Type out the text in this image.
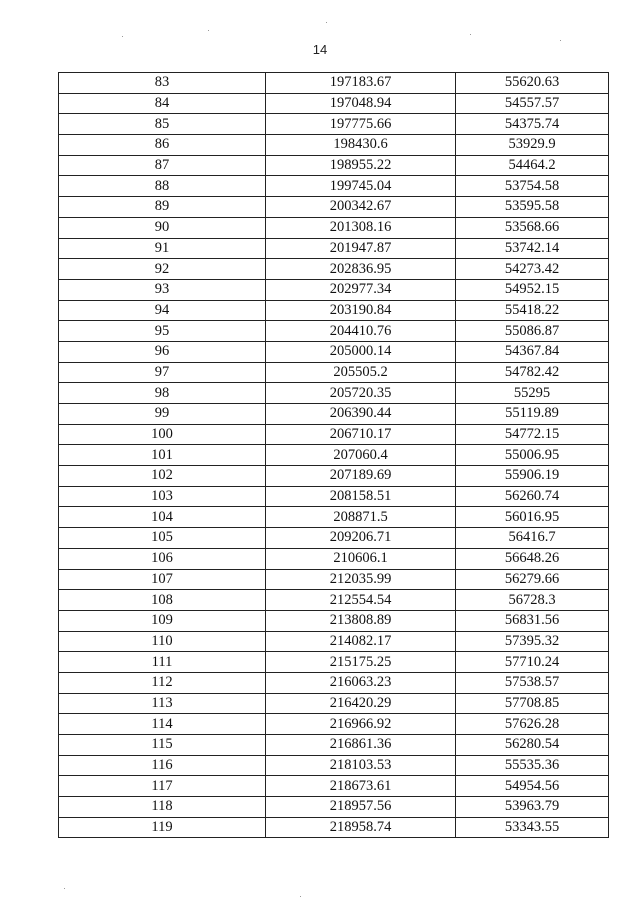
14
83	197183.67	55620.63
84	197048.94	54557.57
85	197775.66	54375.74
86	198430.6	53929.9
87	198955.22	54464.2
88	199745.04	53754.58
89	200342.67	53595.58
90	201308.16	53568.66
91	201947.87	53742.14
92	202836.95	54273.42
93	202977.34	54952.15
94	203190.84	55418.22
95	204410.76	55086.87
96	205000.14	54367.84
97	205505.2	54782.42
98	205720.35	55295
99	206390.44	55119.89
100	206710.17	54772.15
101	207060.4	55006.95
102	207189.69	55906.19
103	208158.51	56260.74
104	208871.5	56016.95
105	209206.71	56416.7
106	210606.1	56648.26
107	212035.99	56279.66
108	212554.54	56728.3
109	213808.89	56831.56
110	214082.17	57395.32
111	215175.25	57710.24
112	216063.23	57538.57
113	216420.29	57708.85
114	216966.92	57626.28
115	216861.36	56280.54
116	218103.53	55535.36
117	218673.61	54954.56
118	218957.56	53963.79
119	218958.74	53343.55
